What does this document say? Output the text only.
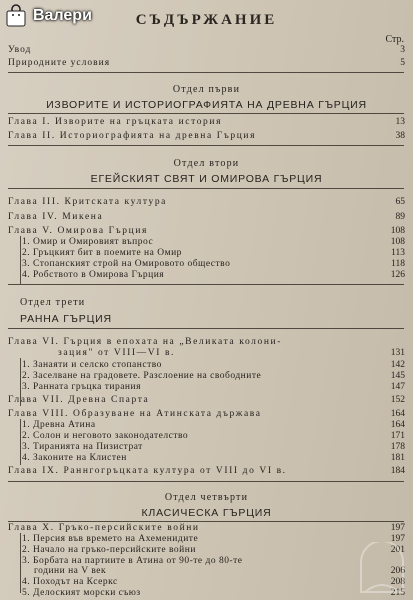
Валери	СЪДЪРЖАНИЕ
Стр.
Увод	3
Природните условия	5
Отдел първи
ИЗВОРИТЕ И ИСТОРИОГРАФИЯТА НА ДРЕВНА ГЪРЦИЯ
Глава I. Изворите на гръцката история	13
Глава II. Историографията на древна Гърция	38
Отдел втори
ЕГЕЙСКИЯТ СВЯТ И ОМИРОВА ГЪРЦИЯ
Глава III. Критската култура	65
Глава IV. Микена	89
Глава V. Омирова Гърция	108
1. Омир и Омировият въпрос	108
2. Гръцкият бит в поемите на Омир	113
3. Стопанският строй на Омировото общество	118
4. Робството в Омирова Гърция	126
Отдел трети
РАННА ГЪРЦИЯ
Глава VI. Гърция в епохата на „Великата колони-
зация" от VIII—VI в.	131
1. Занаяти и селско стопанство	142
2. Заселване на градовете. Разслоение на свободните	145
3. Ранната гръцка тирания	147
Глава VII. Древна Спарта	152
Глава VIII. Образуване на Атинската държава	164
1. Древна Атина	164
2. Солон и неговото законодателство	171
3. Тиранията на Пизистрат	178
4. Законите на Клистен	181
Глава IX. Раннгогръцката култура от VIII до VI в.	184
Отдел четвърти
КЛАСИЧЕСКА ГЪРЦИЯ
Глава X. Гръко-персийските войни	197
1. Персия във времето на Ахеменидите	197
2. Начало на гръко-персийските войни	201
3. Борбата на партиите в Атина от 90-те до 80-те
години на V век	206
4. Походът на Ксеркс	208
5. Делоският морски съюз	215
